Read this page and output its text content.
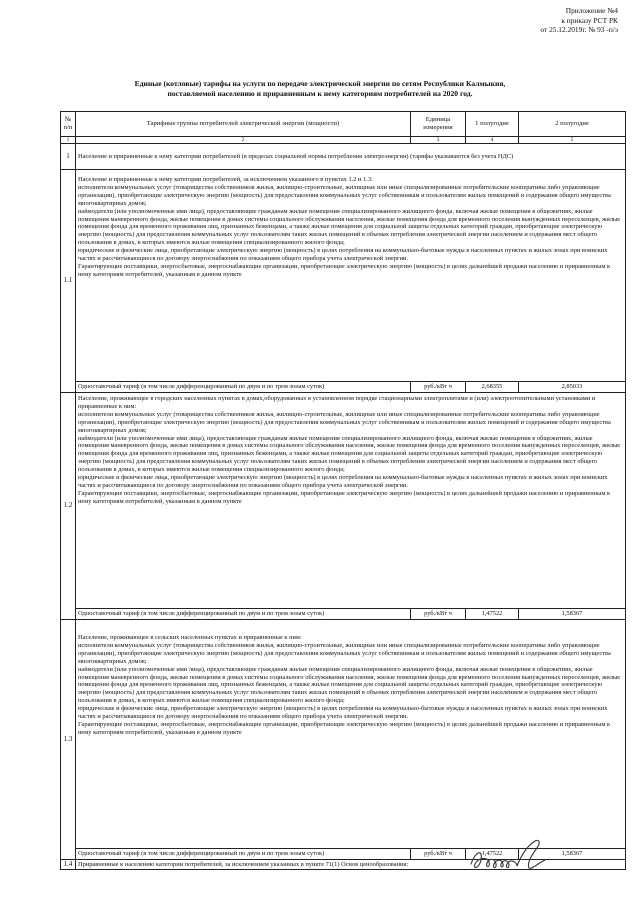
Приложение №4
к приказу РСТ РК
от 25.12.2019г. № 93 -п/э
Единые (котловые) тарифы на услуги по передаче электрической энергии по сетям Республики Калмыкия,
поставляемой населению и приравненным к нему категориям потребителей на 2020 год.
№
п/п	Тарифные группы потребителей электрической энергии (мощности)	Единица
измерения	1 полугодие	2 полугодие
1	2	3	4	5
1	Население и приравненные к нему категории потребителей (в пределах социальной нормы потребления электроэнергии) (тарифы указываются без учета НДС)			
1.1	Население и приравненные к нему категории потребителей, за исключением указанного в пунктах 1.2 и 1.3:
исполнители коммунальных услуг (товарищества собственников жилья, жилищно-строительные, жилищные или иные специализированные потребительские кооперативы либо управляющие организации), приобретающие электрическую энергию (мощность) для предоставления коммунальных услуг собственникам и пользователям жилых помещений и содержания общего имущества многоквартирных домов;
наймодатели (или уполномоченные ими лица), предоставляющие гражданам жилые помещения специализированного жилищного фонда, включая жилые помещения в общежитиях, жилые помещения маневренного фонда, жилые помещения в домах системы социального обслуживания населения, жилые помещения фонда для временного поселения вынужденных переселенцев, жилые помещения фонда для временного проживания лиц, признанных беженцами, а также жилые помещения для социальной защиты отдельных категорий граждан, приобретающие электрическую энергию (мощность) для предоставления коммунальных услуг пользователям таких жилых помещений в объемах потребления электрической энергии населением и содержания мест общего пользования в домах, в которых имеются жилые помещения специализированного жилого фонда;
юридические и физические лица, приобретающие электрическую энергию (мощность) в целях потребления на коммунально-бытовые нужды в населенных пунктах и жилых зонах при воинских частях и рассчитывающиеся по договору энергоснабжения по показаниям общего прибора учета электрической энергии.
Гарантирующие поставщики, энергосбытовые, энергоснабжающие организации, приобретающие электрическую энергию (мощность) в целях дальнейшей продажи населению и приравненным к нему категориям потребителей, указанным в данном пункте			
	Одноставочный тариф (в том числе дифференцированный по двум и по трем зонам суток)	руб./кВт ч	2,68355	2,85033
1.2	Население, проживающее в городских населенных пунктах в домах,оборудованных в установленном порядке стационарными электроплитами и (или) электроотопительными установками и приравненные к ним:
исполнители коммунальных услуг (товарищества собственников жилья, жилищно-строительные, жилищные или иные специализированные потребительские кооперативы либо управляющие организации), приобретающие электрическую энергию (мощность) для предоставления коммунальных услуг собственникам и пользователям жилых помещений и содержания общего имущества многоквартирных домов;
наймодатели (или уполномоченные ими лица), предоставляющие гражданам жилые помещения специализированного жилищного фонда, включая жилые помещения в общежитиях, жилые помещения маневренного фонда, жилые помещения в домах системы социального обслуживания населения, жилые помещения фонда для временного поселения вынужденных переселенцев, жилые помещения фонда для временного проживания лиц, признанных беженцами, а также жилые помещения для социальной защиты отдельных категорий граждан, приобретающие электрическую энергию (мощность) для предоставления коммунальных услуг пользователям таких жилых помещений в объемах потребления электрической энергии населением и содержания мест общего пользования в домах, в которых имеются жилые помещения специализированного жилого фонда;
юридические и физические лица, приобретающие электрическую энергию (мощность) в целях потребления на коммунально-бытовые нужды в населенных пунктах и жилых зонах при воинских частях и рассчитывающиеся по договору энергоснабжения по показаниям общего прибора учета электрической энергии.
Гарантирующие поставщики, энергосбытовые, энергоснабжающие организации, приобретающие электрическую энергию (мощность) в целях дальнейшей продажи населению и приравненным к нему категориям потребителей, указанным в данном пункте			
	Одноставочный тариф (в том числе дифференцированный по двум и по трем зонам суток)	руб./кВт ч	1,47522	1,58367
1.3	Население, проживающее в сельских населенных пунктах и приравненные к ним:
исполнители коммунальных услуг (товарищества собственников жилья, жилищно-строительные, жилищные или иные специализированные потребительские кооперативы либо управляющие организации), приобретающие электрическую энергию (мощность) для предоставления коммунальных услуг собственникам и пользователям жилых помещений и содержания общего имущества многоквартирных домов;
наймодатели (или уполномоченные ими лица), предоставляющие гражданам жилые помещения специализированного жилищного фонда, включая жилые помещения в общежитиях, жилые помещения маневренного фонда, жилые помещения в домах системы социального обслуживания населения, жилые помещения фонда для временного поселения вынужденных переселенцев, жилые помещения фонда для временного проживания лиц, признанных беженцами, а также жилые помещения для социальной защиты отдельных категорий граждан, приобретающие электрическую энергию (мощность) для предоставления коммунальных услуг пользователям таких жилых помещений в объемах потребления электрической энергии населением и содержания мест общего пользования в домах, в которых имеются жилые помещения специализированного жилого фонда;
юридические и физические лица, приобретающие электрическую энергию (мощность) в целях потребления на коммунально-бытовые нужды в населенных пунктах и жилых зонах при воинских частях и рассчитывающиеся по договору энергоснабжения по показаниям общего прибора учета электрической энергии.
Гарантирующие поставщики, энергосбытовые, энергоснабжающие организации, приобретающие электрическую энергию (мощность) в целях дальнейшей продажи населению и приравненным к нему категориям потребителей, указанным в данном пункте			
	Одноставочный тариф (в том числе дифференцированный по двум и по трем зонам суток)	руб./кВт ч	1,47522	1,58367
1.4	Приравненные к населению категории потребителей, за исключением указанных в пункте 71(1) Основ ценообразования:			
